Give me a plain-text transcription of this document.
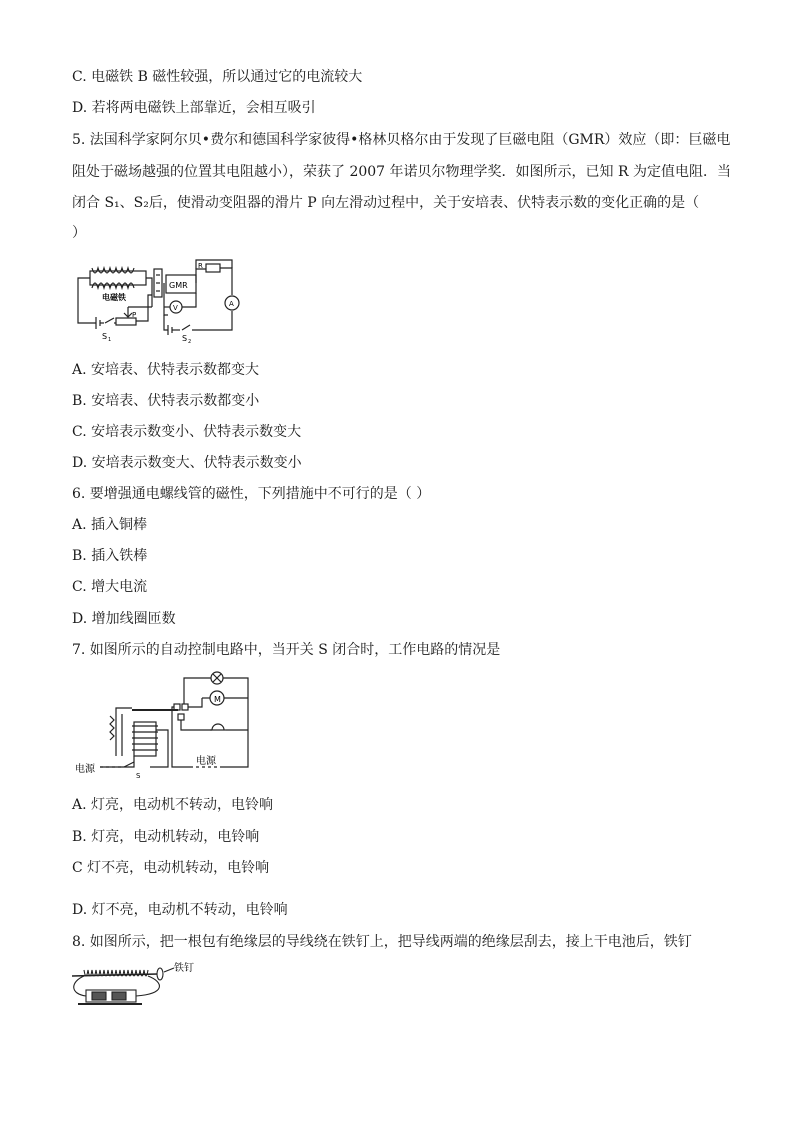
C. 电磁铁 B 磁性较强，所以通过它的电流较大
D. 若将两电磁铁上部靠近，会相互吸引
5. 法国科学家阿尔贝•费尔和德国科学家彼得•格林贝格尔由于发现了巨磁电阻（GMR）效应（即：巨磁电
阻处于磁场越强的位置其电阻越小），荣获了 2007 年诺贝尔物理学奖．如图所示，已知 R 为定值电阻．当
闭合 S₁、S₂后，使滑动变阻器的滑片 P 向左滑动过程中，关于安培表、伏特表示数的变化正确的是（
）
R
GMR
A
V
电磁铁
P
S 1	S 2
A. 安培表、伏特表示数都变大
B. 安培表、伏特表示数都变小
C. 安培表示数变小、伏特表示数变大
D. 安培表示数变大、伏特表示数变小
6. 要增强通电螺线管的磁性，下列措施中不可行的是（ ）
A. 插入铜棒
B. 插入铁棒
C. 增大电流
D. 增加线圈匝数
7. 如图所示的自动控制电路中，当开关 S 闭合时，工作电路的情况是
M
电源
电源
S
A. 灯亮，电动机不转动，电铃响
B. 灯亮，电动机转动，电铃响
C 灯不亮，电动机转动，电铃响
D. 灯不亮，电动机不转动，电铃响
8. 如图所示，把一根包有绝缘层的导线绕在铁钉上，把导线两端的绝缘层刮去，接上干电池后，铁钉
铁钉
